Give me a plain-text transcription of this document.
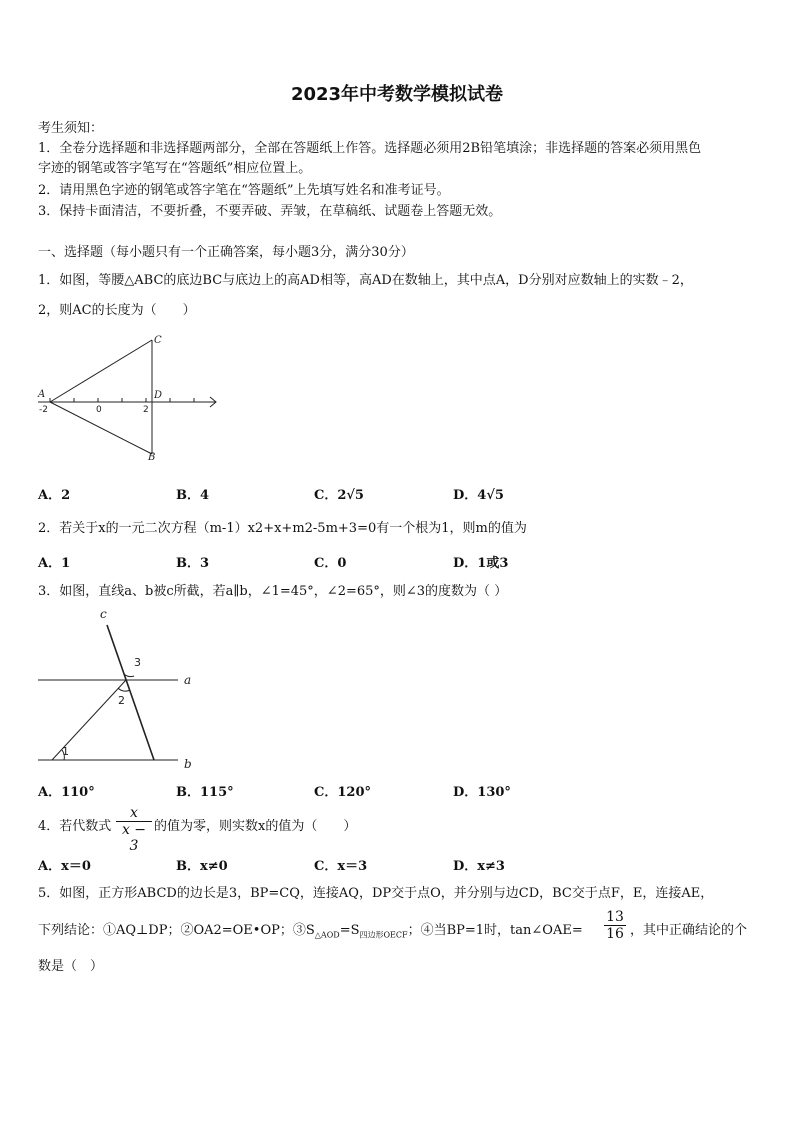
2023年中考数学模拟试卷
考生须知：
1．全卷分选择题和非选择题两部分，全部在答题纸上作答。选择题必须用2B铅笔填涂；非选择题的答案必须用黑色
字迹的钢笔或答字笔写在“答题纸”相应位置上。
2．请用黑色字迹的钢笔或答字笔在“答题纸”上先填写姓名和准考证号。
3．保持卡面清洁，不要折叠，不要弄破、弄皱，在草稿纸、试题卷上答题无效。
一、选择题（每小题只有一个正确答案，每小题3分，满分30分）
1．如图，等腰△ABC的底边BC与底边上的高AD相等，高AD在数轴上，其中点A，D分别对应数轴上的实数﹣2，
2，则AC的长度为（　　）
A
C
D
B
-2	0	2
A．2	B．4	C．2√5	D．4√5
2．若关于x的一元二次方程（m-1）x2+x+m2-5m+3=0有一个根为1，则m的值为
A．1	B．3	C．0	D．1或3
3．如图，直线a、b被c所截，若a∥b，∠1=45°，∠2=65°，则∠3的度数为（ ）
3
2
1
c
a
b
A．110°	B．115°	C．120°	D．130°
4．若代数式 $\frac{x}{x - 3}$ 的值为零，则实数x的值为（　　）
A．x＝0	B．x≠0	C．x＝3	D．x≠3
5．如图，正方形ABCD的边长是3，BP=CQ，连接AQ，DP交于点O，并分别与边CD，BC交于点F，E，连接AE，
下列结论：①AQ⊥DP；②OA2=OE•OP；$③S_{\triangle AOD}=S_{四边形OECF}$；④当BP=1时，tan∠OAE= $\frac{13}{16}$ ，其中正确结论的个
数是（　）
